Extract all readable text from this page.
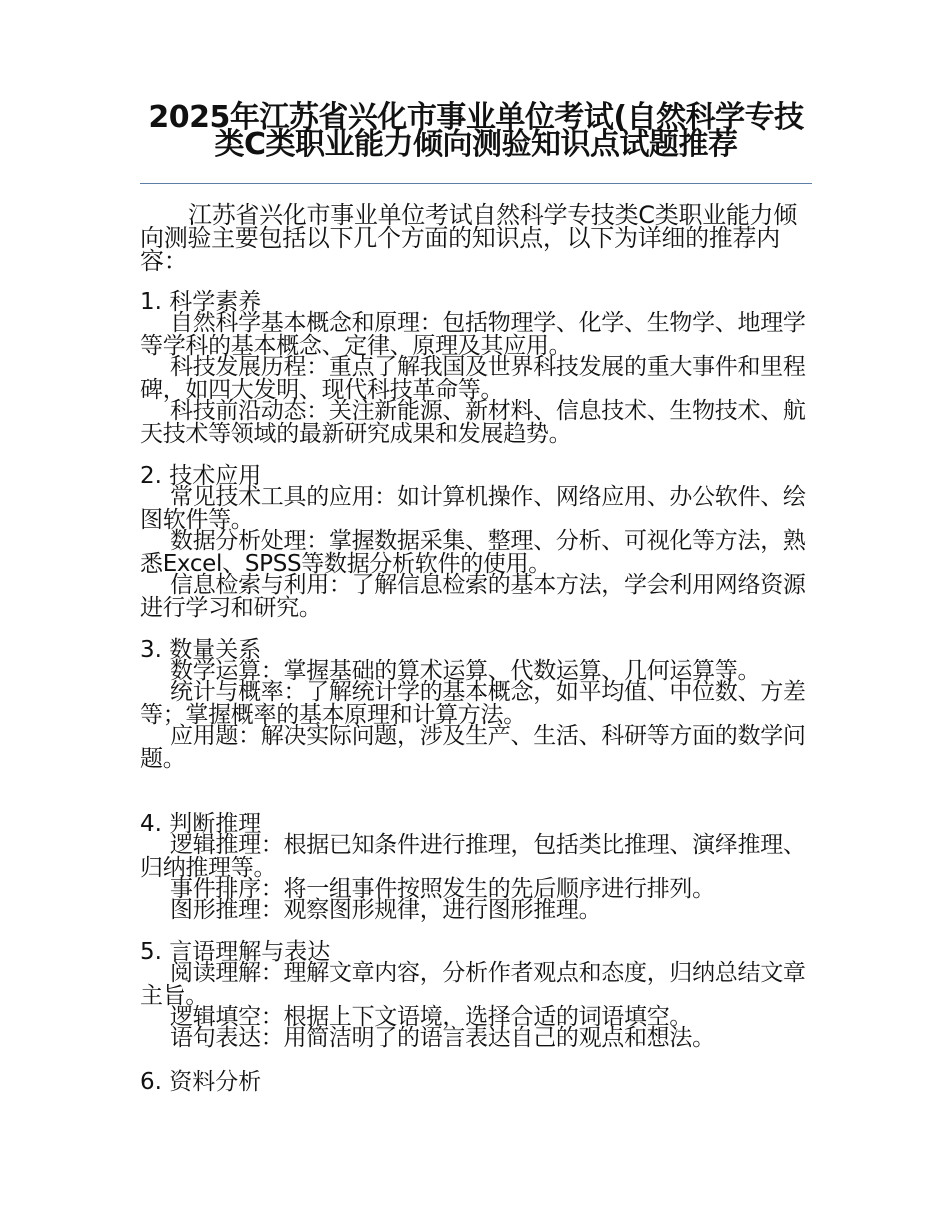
2025年江苏省兴化市事业单位考试(自然科学专技类C类职业能力倾向测验知识点试题推荐

江苏省兴化市事业单位考试自然科学专技类C类职业能力倾向测验主要包括以下几个方面的知识点，以下为详细的推荐内容：

1. 科学素养

自然科学基本概念和原理：包括物理学、化学、生物学、地理学等学科的基本概念、定律、原理及其应用。

科技发展历程：重点了解我国及世界科技发展的重大事件和里程碑，如四大发明、现代科技革命等。

科技前沿动态：关注新能源、新材料、信息技术、生物技术、航天技术等领域的最新研究成果和发展趋势。

2. 技术应用

常见技术工具的应用：如计算机操作、网络应用、办公软件、绘图软件等。

数据分析处理：掌握数据采集、整理、分析、可视化等方法，熟悉Excel、SPSS等数据分析软件的使用。

信息检索与利用：了解信息检索的基本方法，学会利用网络资源进行学习和研究。

3. 数量关系

数学运算：掌握基础的算术运算、代数运算、几何运算等。

统计与概率：了解统计学的基本概念，如平均值、中位数、方差等；掌握概率的基本原理和计算方法。

应用题：解决实际问题，涉及生产、生活、科研等方面的数学问题。

4. 判断推理

逻辑推理：根据已知条件进行推理，包括类比推理、演绎推理、归纳推理等。

事件排序：将一组事件按照发生的先后顺序进行排列。

图形推理：观察图形规律，进行图形推理。

5. 言语理解与表达

阅读理解：理解文章内容，分析作者观点和态度，归纳总结文章主旨。

逻辑填空：根据上下文语境，选择合适的词语填空。

语句表达：用简洁明了的语言表达自己的观点和想法。

6. 资料分析
